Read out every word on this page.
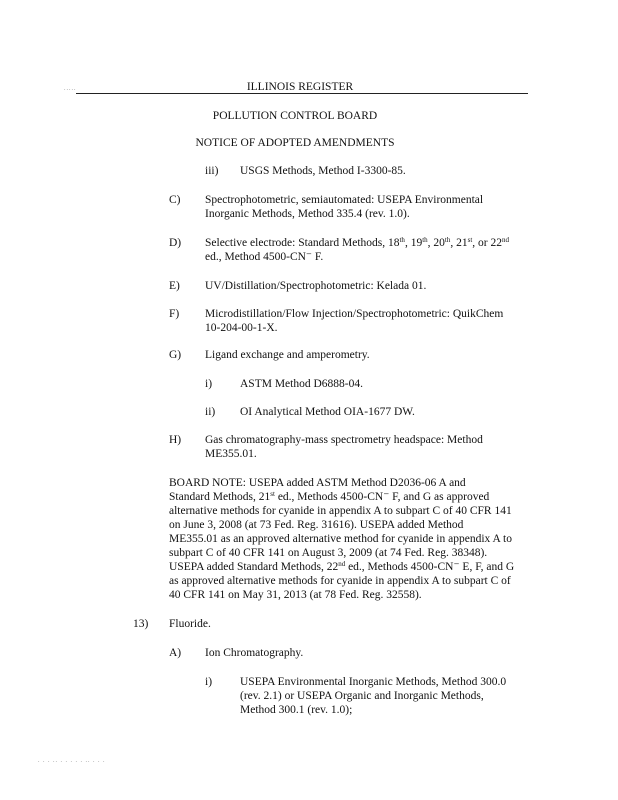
.....	ILLINOIS REGISTER
POLLUTION CONTROL BOARD
NOTICE OF ADOPTED AMENDMENTS
iii) USGS Methods, Method I-3300-85.
C) Spectrophotometric, semiautomated: USEPA Environmental
Inorganic Methods, Method 335.4 (rev. 1.0).
D) Selective electrode: Standard Methods, 18th, 19th, 20th, 21st, or 22nd
ed., Method 4500-CN⁻ F.
E) UV/Distillation/Spectrophotometric: Kelada 01.
F) Microdistillation/Flow Injection/Spectrophotometric: QuikChem
10-204-00-1-X.
G) Ligand exchange and amperometry.
i) ASTM Method D6888-04.
ii) OI Analytical Method OIA-1677 DW.
H) Gas chromatography-mass spectrometry headspace: Method
ME355.01.
BOARD NOTE: USEPA added ASTM Method D2036-06 A and
Standard Methods, 21st ed., Methods 4500-CN⁻ F, and G as approved
alternative methods for cyanide in appendix A to subpart C of 40 CFR 141
on June 3, 2008 (at 73 Fed. Reg. 31616). USEPA added Method
ME355.01 as an approved alternative method for cyanide in appendix A to
subpart C of 40 CFR 141 on August 3, 2009 (at 74 Fed. Reg. 38348).
USEPA added Standard Methods, 22nd ed., Methods 4500-CN⁻ E, F, and G
as approved alternative methods for cyanide in appendix A to subpart C of
40 CFR 141 on May 31, 2013 (at 78 Fed. Reg. 32558).
13) Fluoride.
A) Ion Chromatography.
i) USEPA Environmental Inorganic Methods, Method 300.0
(rev. 2.1) or USEPA Organic and Inorganic Methods,
Method 300.1 (rev. 1.0);
. . . .. . . . . . .. . . .
